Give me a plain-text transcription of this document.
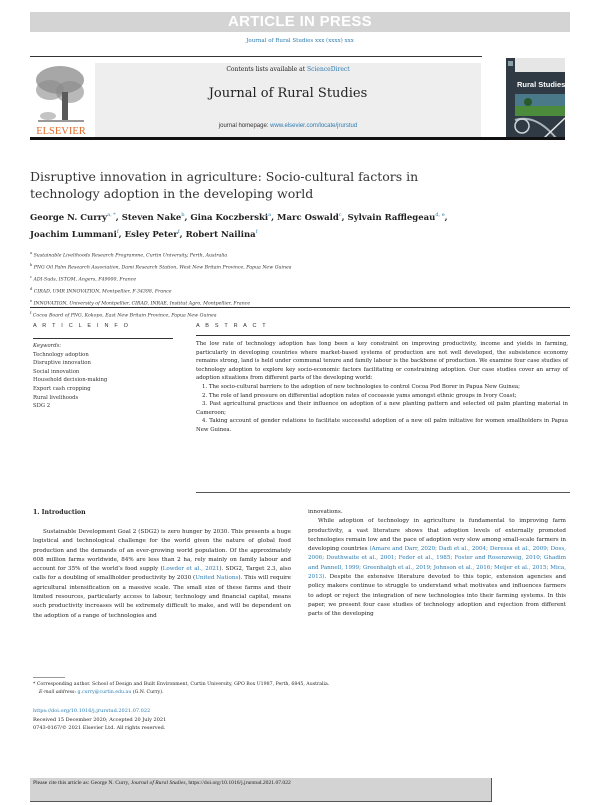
ARTICLE IN PRESS
Journal of Rural Studies xxx (xxxx) xxx
ELSEVIER
Contents lists available at ScienceDirect
Journal of Rural Studies
journal homepage: www.elsevier.com/locate/jrurstud
Rural Studies
Disruptive innovation in agriculture: Socio-cultural factors in technology adoption in the developing world
George N. Curry$^{a, *}$, Steven Nake$^b$, Gina Koczberski$^a$, Marc Oswald$^c$, Sylvain Rafflegeau$^{d, e}$,
Joachim Lummani$^f$, Esley Peter$^f$, Robert Nailina$^f$
$^a$ Sustainable Livelihoods Research Programme, Curtin University, Perth, Australia
$^b$ PNG Oil Palm Research Association, Dami Research Station, West New Britain Province, Papua New Guinea
$^c$ ADI-Suds, ISTOM, Angers, F49000, France
$^d$ CIRAD, UMR INNOVATION, Montpellier, F-34398, France
$^e$ INNOVATION, University of Montpellier, CIRAD, INRAE, Institut Agro, Montpellier, France
$^f$ Cocoa Board of PNG, Kokopo, East New Britain Province, Papua New Guinea
A R T I C L E I N F O
Keywords:
Technology adoption
Disruptive innovation
Social innovation
Household decision-making
Export cash cropping
Rural livelihoods
SDG 2
A B S T R A C T

The low rate of technology adoption has long been a key constraint on improving productivity, income and yields in farming, particularly in developing countries where market-based systems of production are not well developed, the subsistence economy remains strong, land is held under communal tenure and family labour is the backbone of production. We examine four case studies of technology adoption to explore key socio-economic factors facilitating or constraining adoption. Our case studies cover an array of adoption situations from different parts of the developing world:

1. The socio-cultural barriers to the adoption of new technologies to control Cocoa Pod Borer in Papua New Guinea;

2. The role of land pressure on differential adoption rates of cocoassie yams amongst ethnic groups in Ivory Coast;

3. Past agricultural practices and their influence on adoption of a new planting pattern and selected oil palm planting material in Cameroon;

4. Taking account of gender relations to facilitate successful adoption of a new oil palm initiative for women smallholders in Papua New Guinea.

1. Introduction

Sustainable Development Goal 2 (SDG2) is zero hunger by 2030. This presents a huge logistical and technological challenge for the world given the nature of global food production and the demands of an ever-growing world population. Of the approximately 608 million farms worldwide, 84% are less than 2 ha, rely mainly on family labour and account for 35% of the world’s food supply (Lowder et al., 2021). SDG2, Target 2.3, also calls for a doubling of smallholder productivity by 2030 (United Nations). This will require agricultural intensification on a massive scale. The small size of these farms and their limited resources, particularly access to labour, technology and financial capital, means such productivity increases will be extremely difficult to make, and will be dependent on the adoption of a range of technologies and

innovations.

While adoption of technology in agriculture is fundamental to improving farm productivity, a vast literature shows that adoption levels of externally promoted technologies remain low and the pace of adoption very slow among small-scale farmers in developing countries (Amare and Darr, 2020; Dadi et al., 2004; Deressa et al., 2009; Doss, 2006; Douthwaite et al., 2001; Feder et al., 1985; Foster and Rosenzweig, 2010; Ghadim and Pannell, 1999; Greenhalgh et al., 2019; Johnson et al., 2016; Meijer et al., 2015; Mica, 2013). Despite the extensive literature devoted to this topic, extension agencies and policy makers continue to struggle to understand what motivates and influences farmers to adopt or reject the integration of new technologies into their farming systems. In this paper, we present four case studies of technology adoption and rejection from different parts of the developing

* Corresponding author. School of Design and Built Environment, Curtin University, GPO Box U1987, Perth, 6845, Australia.
E-mail address: g.curry@curtin.edu.au (G.N. Curry).
https://doi.org/10.1016/j.jrurstud.2021.07.022
Received 15 December 2020; Accepted 20 July 2021
0743-0167/© 2021 Elsevier Ltd. All rights reserved.
Please cite this article as: George N. Curry, Journal of Rural Studies, https://doi.org/10.1016/j.jrurstud.2021.07.022
